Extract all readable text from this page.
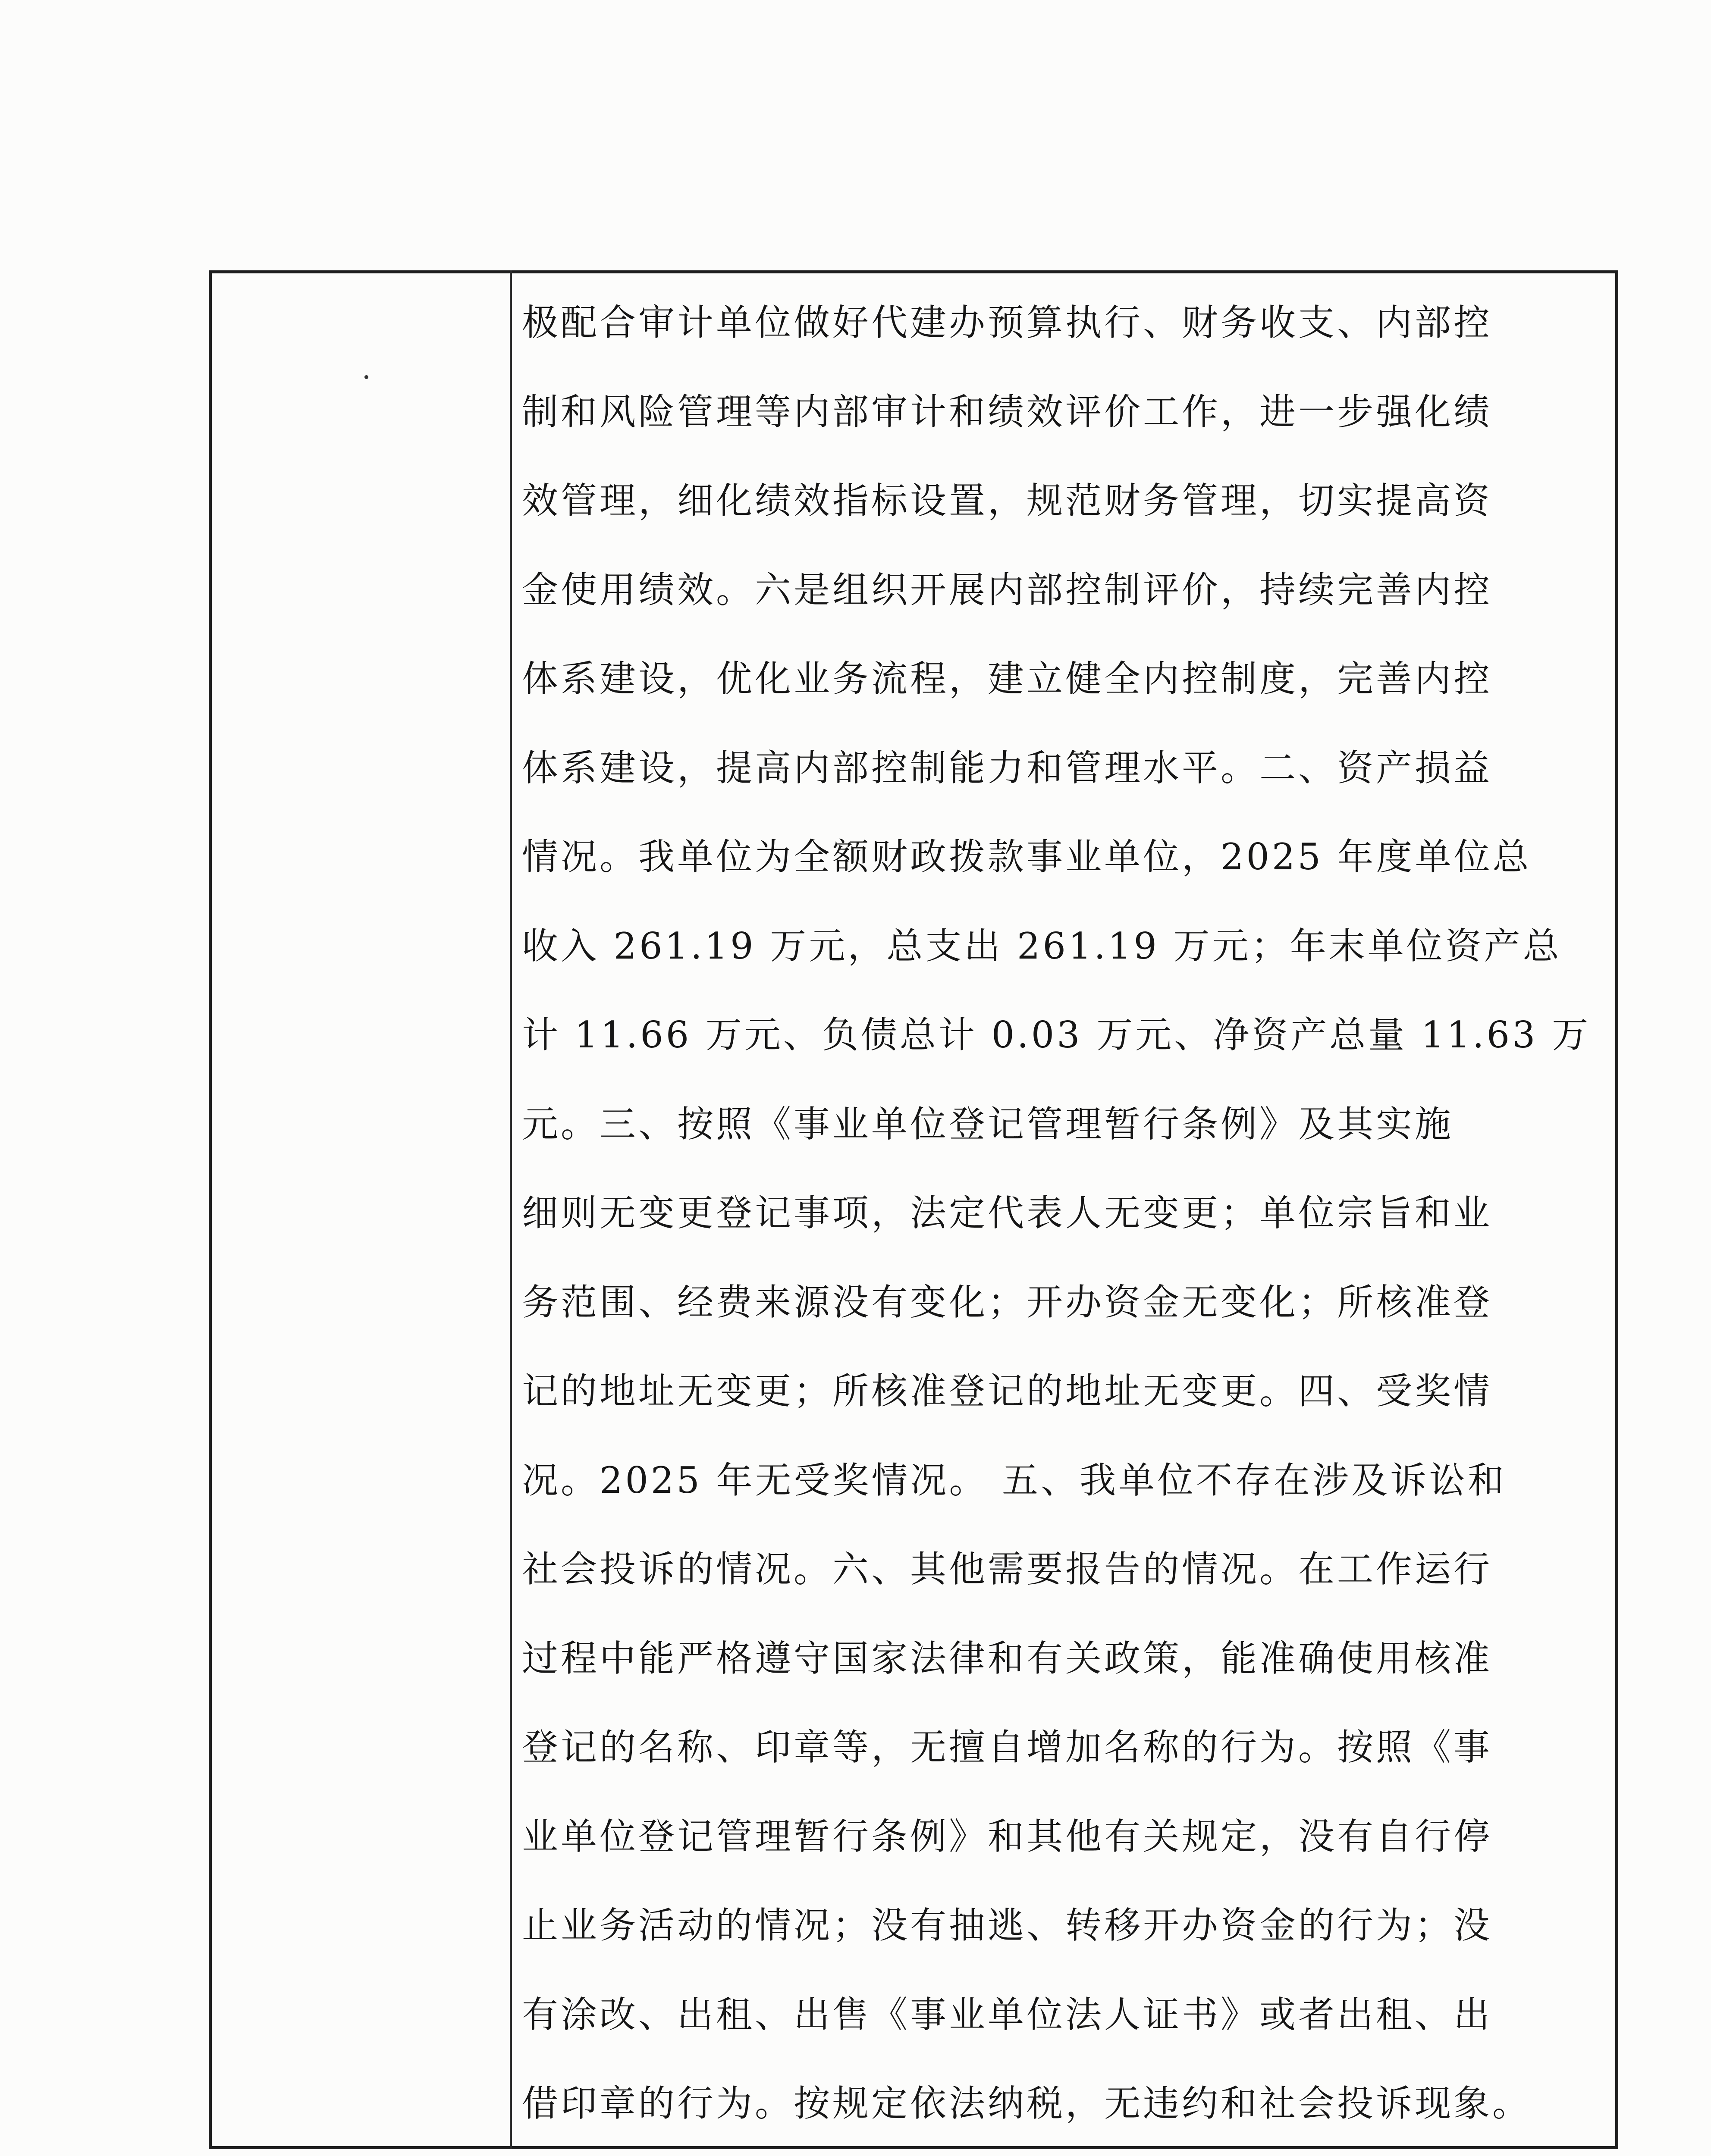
极配合审计单位做好代建办预算执行、财务收支、内部控
制和风险管理等内部审计和绩效评价工作，进一步强化绩
效管理，细化绩效指标设置，规范财务管理，切实提高资
金使用绩效。六是组织开展内部控制评价，持续完善内控
体系建设，优化业务流程，建立健全内控制度，完善内控
体系建设，提高内部控制能力和管理水平。二、资产损益
情况。我单位为全额财政拨款事业单位，2025 年度单位总
收入 261.19 万元，总支出 261.19 万元；年末单位资产总
计 11.66 万元、负债总计 0.03 万元、净资产总量 11.63 万
元。三、按照《事业单位登记管理暂行条例》及其实施
细则无变更登记事项，法定代表人无变更；单位宗旨和业
务范围、经费来源没有变化；开办资金无变化；所核准登
记的地址无变更；所核准登记的地址无变更。四、受奖情
况。2025 年无受奖情况。 五、我单位不存在涉及诉讼和
社会投诉的情况。六、其他需要报告的情况。在工作运行
过程中能严格遵守国家法律和有关政策，能准确使用核准
登记的名称、印章等，无擅自增加名称的行为。按照《事
业单位登记管理暂行条例》和其他有关规定，没有自行停
止业务活动的情况；没有抽逃、转移开办资金的行为；没
有涂改、出租、出售《事业单位法人证书》或者出租、出
借印章的行为。按规定依法纳税，无违约和社会投诉现象。
